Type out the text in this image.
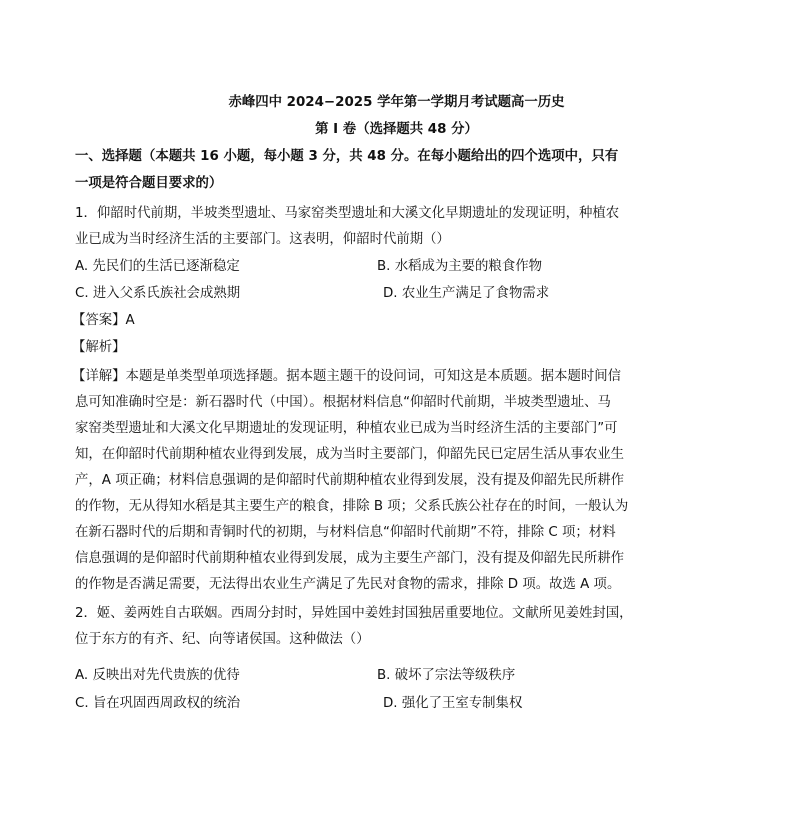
赤峰四中 2024−2025 学年第一学期月考试题高一历史
第 I 卷（选择题共 48 分）
一、选择题（本题共 16 小题，每小题 3 分，共 48 分。在每小题给出的四个选项中，只有
一项是符合题目要求的）
1．仰韶时代前期，半坡类型遗址、马家窑类型遗址和大溪文化早期遗址的发现证明，种植农
业已成为当时经济生活的主要部门。这表明，仰韶时代前期（）
A. 先民们的生活已逐渐稳定	B. 水稻成为主要的粮食作物
C. 进入父系氏族社会成熟期	D. 农业生产满足了食物需求
【答案】A
【解析】
【详解】本题是单类型单项选择题。据本题主题干的设问词，可知这是本质题。据本题时间信
息可知准确时空是：新石器时代（中国）。根据材料信息“仰韶时代前期，半坡类型遗址、马
家窑类型遗址和大溪文化早期遗址的发现证明，种植农业已成为当时经济生活的主要部门”可
知，在仰韶时代前期种植农业得到发展，成为当时主要部门，仰韶先民已定居生活从事农业生
产，A 项正确；材料信息强调的是仰韶时代前期种植农业得到发展，没有提及仰韶先民所耕作
的作物，无从得知水稻是其主要生产的粮食，排除 B 项；父系氏族公社存在的时间，一般认为
在新石器时代的后期和青铜时代的初期，与材料信息“仰韶时代前期”不符，排除 C 项；材料
信息强调的是仰韶时代前期种植农业得到发展，成为主要生产部门，没有提及仰韶先民所耕作
的作物是否满足需要，无法得出农业生产满足了先民对食物的需求，排除 D 项。故选 A 项。
2．姬、姜两姓自古联姻。西周分封时，异姓国中姜姓封国独居重要地位。文献所见姜姓封国，
位于东方的有齐、纪、向等诸侯国。这种做法（）
A. 反映出对先代贵族的优待	B. 破坏了宗法等级秩序
C. 旨在巩固西周政权的统治	D. 强化了王室专制集权
